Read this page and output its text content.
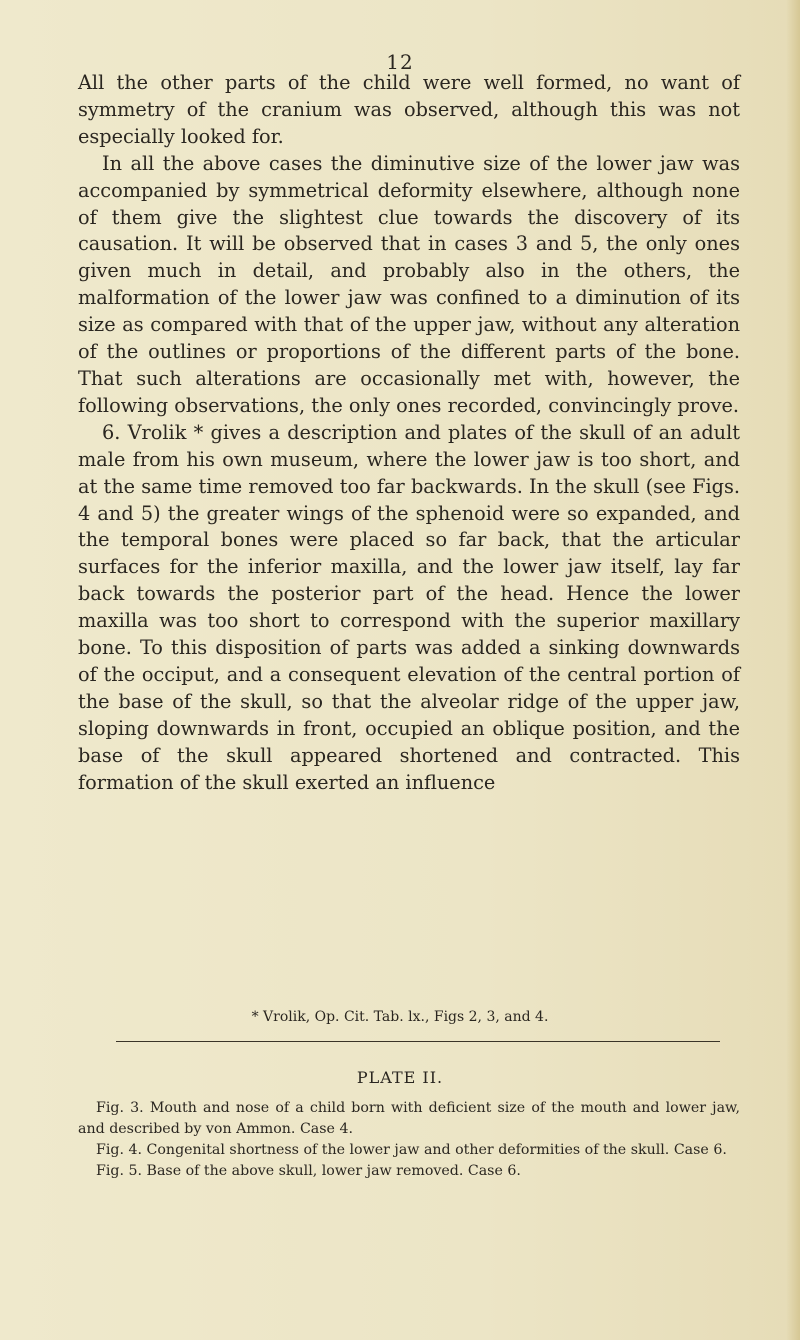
12

All the other parts of the child were well formed, no want of symmetry of the cranium was observed, although this was not especially looked for.

In all the above cases the diminutive size of the lower jaw was accompanied by symmetrical deformity elsewhere, although none of them give the slightest clue towards the discovery of its causation. It will be observed that in cases 3 and 5, the only ones given much in detail, and probably also in the others, the malformation of the lower jaw was confined to a diminution of its size as compared with that of the upper jaw, without any alteration of the outlines or proportions of the different parts of the bone. That such alterations are occasionally met with, however, the following observations, the only ones recorded, convincingly prove.

6. Vrolik * gives a description and plates of the skull of an adult male from his own museum, where the lower jaw is too short, and at the same time removed too far backwards. In the skull (see Figs. 4 and 5) the greater wings of the sphenoid were so expanded, and the temporal bones were placed so far back, that the articular surfaces for the inferior maxilla, and the lower jaw itself, lay far back towards the posterior part of the head. Hence the lower maxilla was too short to correspond with the superior maxillary bone. To this disposition of parts was added a sinking downwards of the occiput, and a consequent elevation of the central portion of the base of the skull, so that the alveolar ridge of the upper jaw, sloping downwards in front, occupied an oblique position, and the base of the skull appeared shortened and contracted. This formation of the skull exerted an influence

* Vrolik, Op. Cit. Tab. lx., Figs 2, 3, and 4.
PLATE II.

Fig. 3. Mouth and nose of a child born with deficient size of the mouth and lower jaw, and described by von Ammon. Case 4.

Fig. 4. Congenital shortness of the lower jaw and other deformities of the skull. Case 6.

Fig. 5. Base of the above skull, lower jaw removed. Case 6.
